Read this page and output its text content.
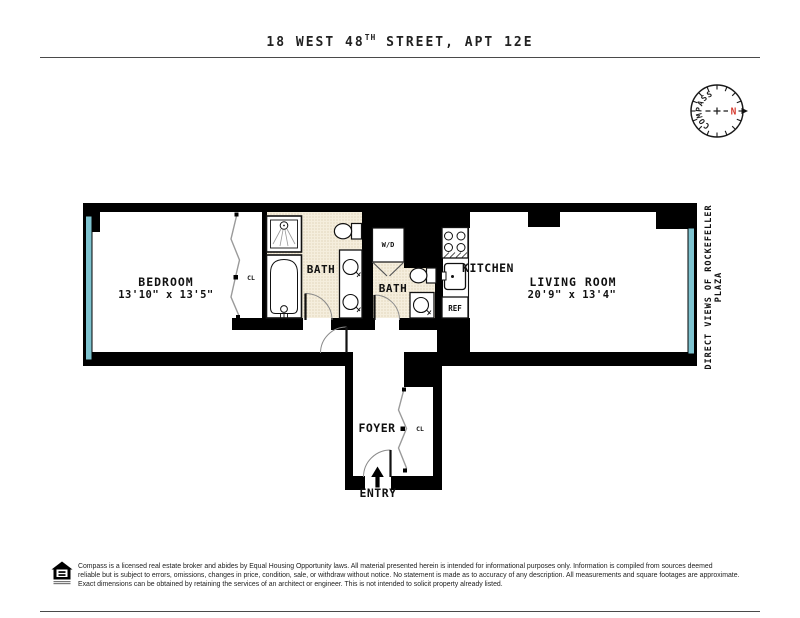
18 WEST 48TH STREET, APT 12E
C
O
M
P
A
S
S
N
BEDROOM
13'10" x 13'5"
BATH
BATH
KITCHEN
LIVING ROOM
20'9" x 13'4"
W/D
REF
CL
CL
FOYER
ENTRY
DIRECT VIEWS OF ROCKEFELLER PLAZA
Compass is a licensed real estate broker and abides by Equal Housing Opportunity laws. All material presented herein is intended for informational purposes only. Information is compiled from sources deemed
reliable but is subject to errors, omissions, changes in price, condition, sale, or withdraw without notice. No statement is made as to accuracy of any description. All measurements and square footages are approximate.
Exact dimensions can be obtained by retaining the services of an architect or engineer. This is not intended to solicit property already listed.
